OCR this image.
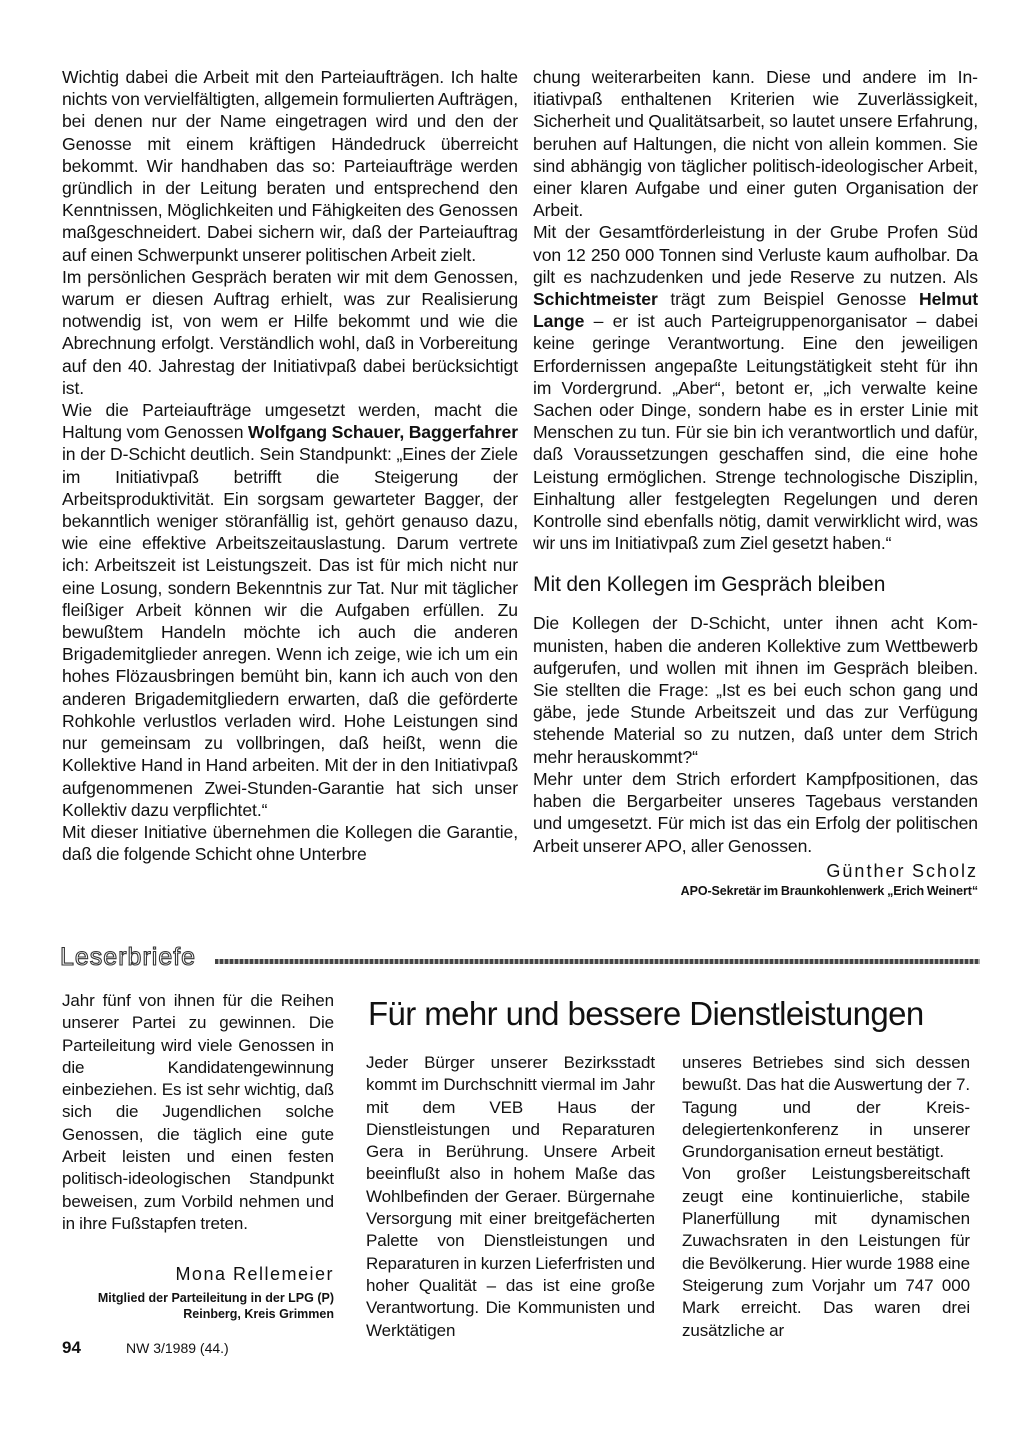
Wichtig dabei die Arbeit mit den Parteiaufträgen. Ich halte nichts von vervielfältigten, allgemein formulierten Aufträgen, bei denen nur der Name eingetragen wird und den der Genosse mit einem kräftigen Händedruck überreicht bekommt. Wir handhaben das so: Parteiaufträge werden gründlich in der Leitung beraten und entsprechend den Kenntnissen, Möglichkeiten und Fähigkeiten des Genossen maßgeschneidert. Dabei sichern wir, daß der Parteiauftrag auf einen Schwerpunkt unserer politischen Arbeit zielt.

Im persönlichen Gespräch beraten wir mit dem Genossen, warum er diesen Auftrag erhielt, was zur Realisierung notwendig ist, von wem er Hilfe bekommt und wie die Abrechnung erfolgt. Verständlich wohl, daß in Vorbereitung auf den 40. Jahrestag der Initiativpaß dabei berücksichtigt ist.

Wie die Parteiaufträge umgesetzt werden, macht die Haltung vom Genossen Wolfgang Schauer, Baggerfahrer in der D-Schicht deutlich. Sein Standpunkt: „Eines der Ziele im Initiativpaß betrifft die Steigerung der Arbeitsproduktivität. Ein sorgsam gewarteter Bagger, der bekanntlich weniger störanfällig ist, gehört genauso dazu, wie eine effektive Arbeitszeitauslastung. Darum vertrete ich: Arbeitszeit ist Leistungszeit. Das ist für mich nicht nur eine Losung, sondern Bekenntnis zur Tat. Nur mit täglicher fleißiger Arbeit können wir die Aufgaben erfüllen. Zu bewußtem Handeln möchte ich auch die anderen Brigademitglieder anregen. Wenn ich zeige, wie ich um ein hohes Flözausbringen bemüht bin, kann ich auch von den anderen Brigademitgliedern erwarten, daß die geförderte Rohkohle verlustlos verladen wird. Hohe Leistungen sind nur gemeinsam zu vollbringen, daß heißt, wenn die Kollektive Hand in Hand arbeiten. Mit der in den Initiativpaß aufgenommenen Zwei-Stunden-Garantie hat sich unser Kollektiv dazu verpflichtet.“

Mit dieser Initiative übernehmen die Kollegen die Garantie, daß die folgende Schicht ohne Unterbre

chung weiterarbeiten kann. Diese und andere im Initiativpaß enthaltenen Kriterien wie Zuverlässigkeit, Sicherheit und Qualitätsarbeit, so lautet unsere Erfahrung, beruhen auf Haltungen, die nicht von allein kommen. Sie sind abhängig von täglicher politisch-ideologischer Arbeit, einer klaren Aufgabe und einer guten Organisation der Arbeit.

Mit der Gesamtförderleistung in der Grube Profen Süd von 12 250 000 Tonnen sind Verluste kaum aufholbar. Da gilt es nachzudenken und jede Reserve zu nutzen. Als Schichtmeister trägt zum Beispiel Genosse Helmut Lange – er ist auch Parteigruppenorganisator – dabei keine geringe Verantwortung. Eine den jeweiligen Erfordernissen angepaßte Leitungstätigkeit steht für ihn im Vordergrund. „Aber“, betont er, „ich verwalte keine Sachen oder Dinge, sondern habe es in erster Linie mit Menschen zu tun. Für sie bin ich verantwortlich und dafür, daß Voraussetzungen geschaffen sind, die eine hohe Leistung ermöglichen. Strenge technologische Disziplin, Einhaltung aller festgelegten Regelungen und deren Kontrolle sind ebenfalls nötig, damit verwirklicht wird, was wir uns im Initiativpaß zum Ziel gesetzt haben.“

Mit den Kollegen im Gespräch bleiben

Die Kollegen der D-Schicht, unter ihnen acht Kommunisten, haben die anderen Kollektive zum Wettbewerb aufgerufen, und wollen mit ihnen im Gespräch bleiben. Sie stellten die Frage: „Ist es bei euch schon gang und gäbe, jede Stunde Arbeitszeit und das zur Verfügung stehende Material so zu nutzen, daß unter dem Strich mehr herauskommt?“

Mehr unter dem Strich erfordert Kampfpositionen, das haben die Bergarbeiter unseres Tagebaus verstanden und umgesetzt. Für mich ist das ein Erfolg der politischen Arbeit unserer APO, aller Genossen.

Günther Scholz
APO-Sekretär im Braunkohlenwerk „Erich Weinert“
Leserbriefe

Jahr fünf von ihnen für die Reihen unserer Partei zu gewinnen. Die Parteileitung wird viele Genossen in die Kandidatengewinnung einbeziehen. Es ist sehr wichtig, daß sich die Jugendlichen solche Genossen, die täglich eine gute Arbeit leisten und einen festen politisch-ideologischen Standpunkt beweisen, zum Vorbild nehmen und in ihre Fußstapfen treten.

Mona Rellemeier
Mitglied der Parteileitung in der LPG (P) Reinberg, Kreis Grimmen
Für mehr und bessere Dienstleistungen

Jeder Bürger unserer Bezirksstadt kommt im Durchschnitt viermal im Jahr mit dem VEB Haus der Dienstleistungen und Reparaturen Gera in Berührung. Unsere Arbeit beeinflußt also in hohem Maße das Wohlbefinden der Geraer. Bürgernahe Versorgung mit einer breitgefächerten Palette von Dienstleistungen und Reparaturen in kurzen Lieferfristen und hoher Qualität – das ist eine große Verantwortung. Die Kommunisten und Werktätigen

unseres Betriebes sind sich dessen bewußt. Das hat die Auswertung der 7. Tagung und der Kreisdelegiertenkonferenz in unserer Grundorganisation erneut bestätigt.

Von großer Leistungsbereitschaft zeugt eine kontinuierliche, stabile Planerfüllung mit dynamischen Zuwachsraten in den Leistungen für die Bevölkerung. Hier wurde 1988 eine Steigerung zum Vorjahr um 747 000 Mark erreicht. Das waren drei zusätzliche ar

94	NW 3/1989 (44.)
